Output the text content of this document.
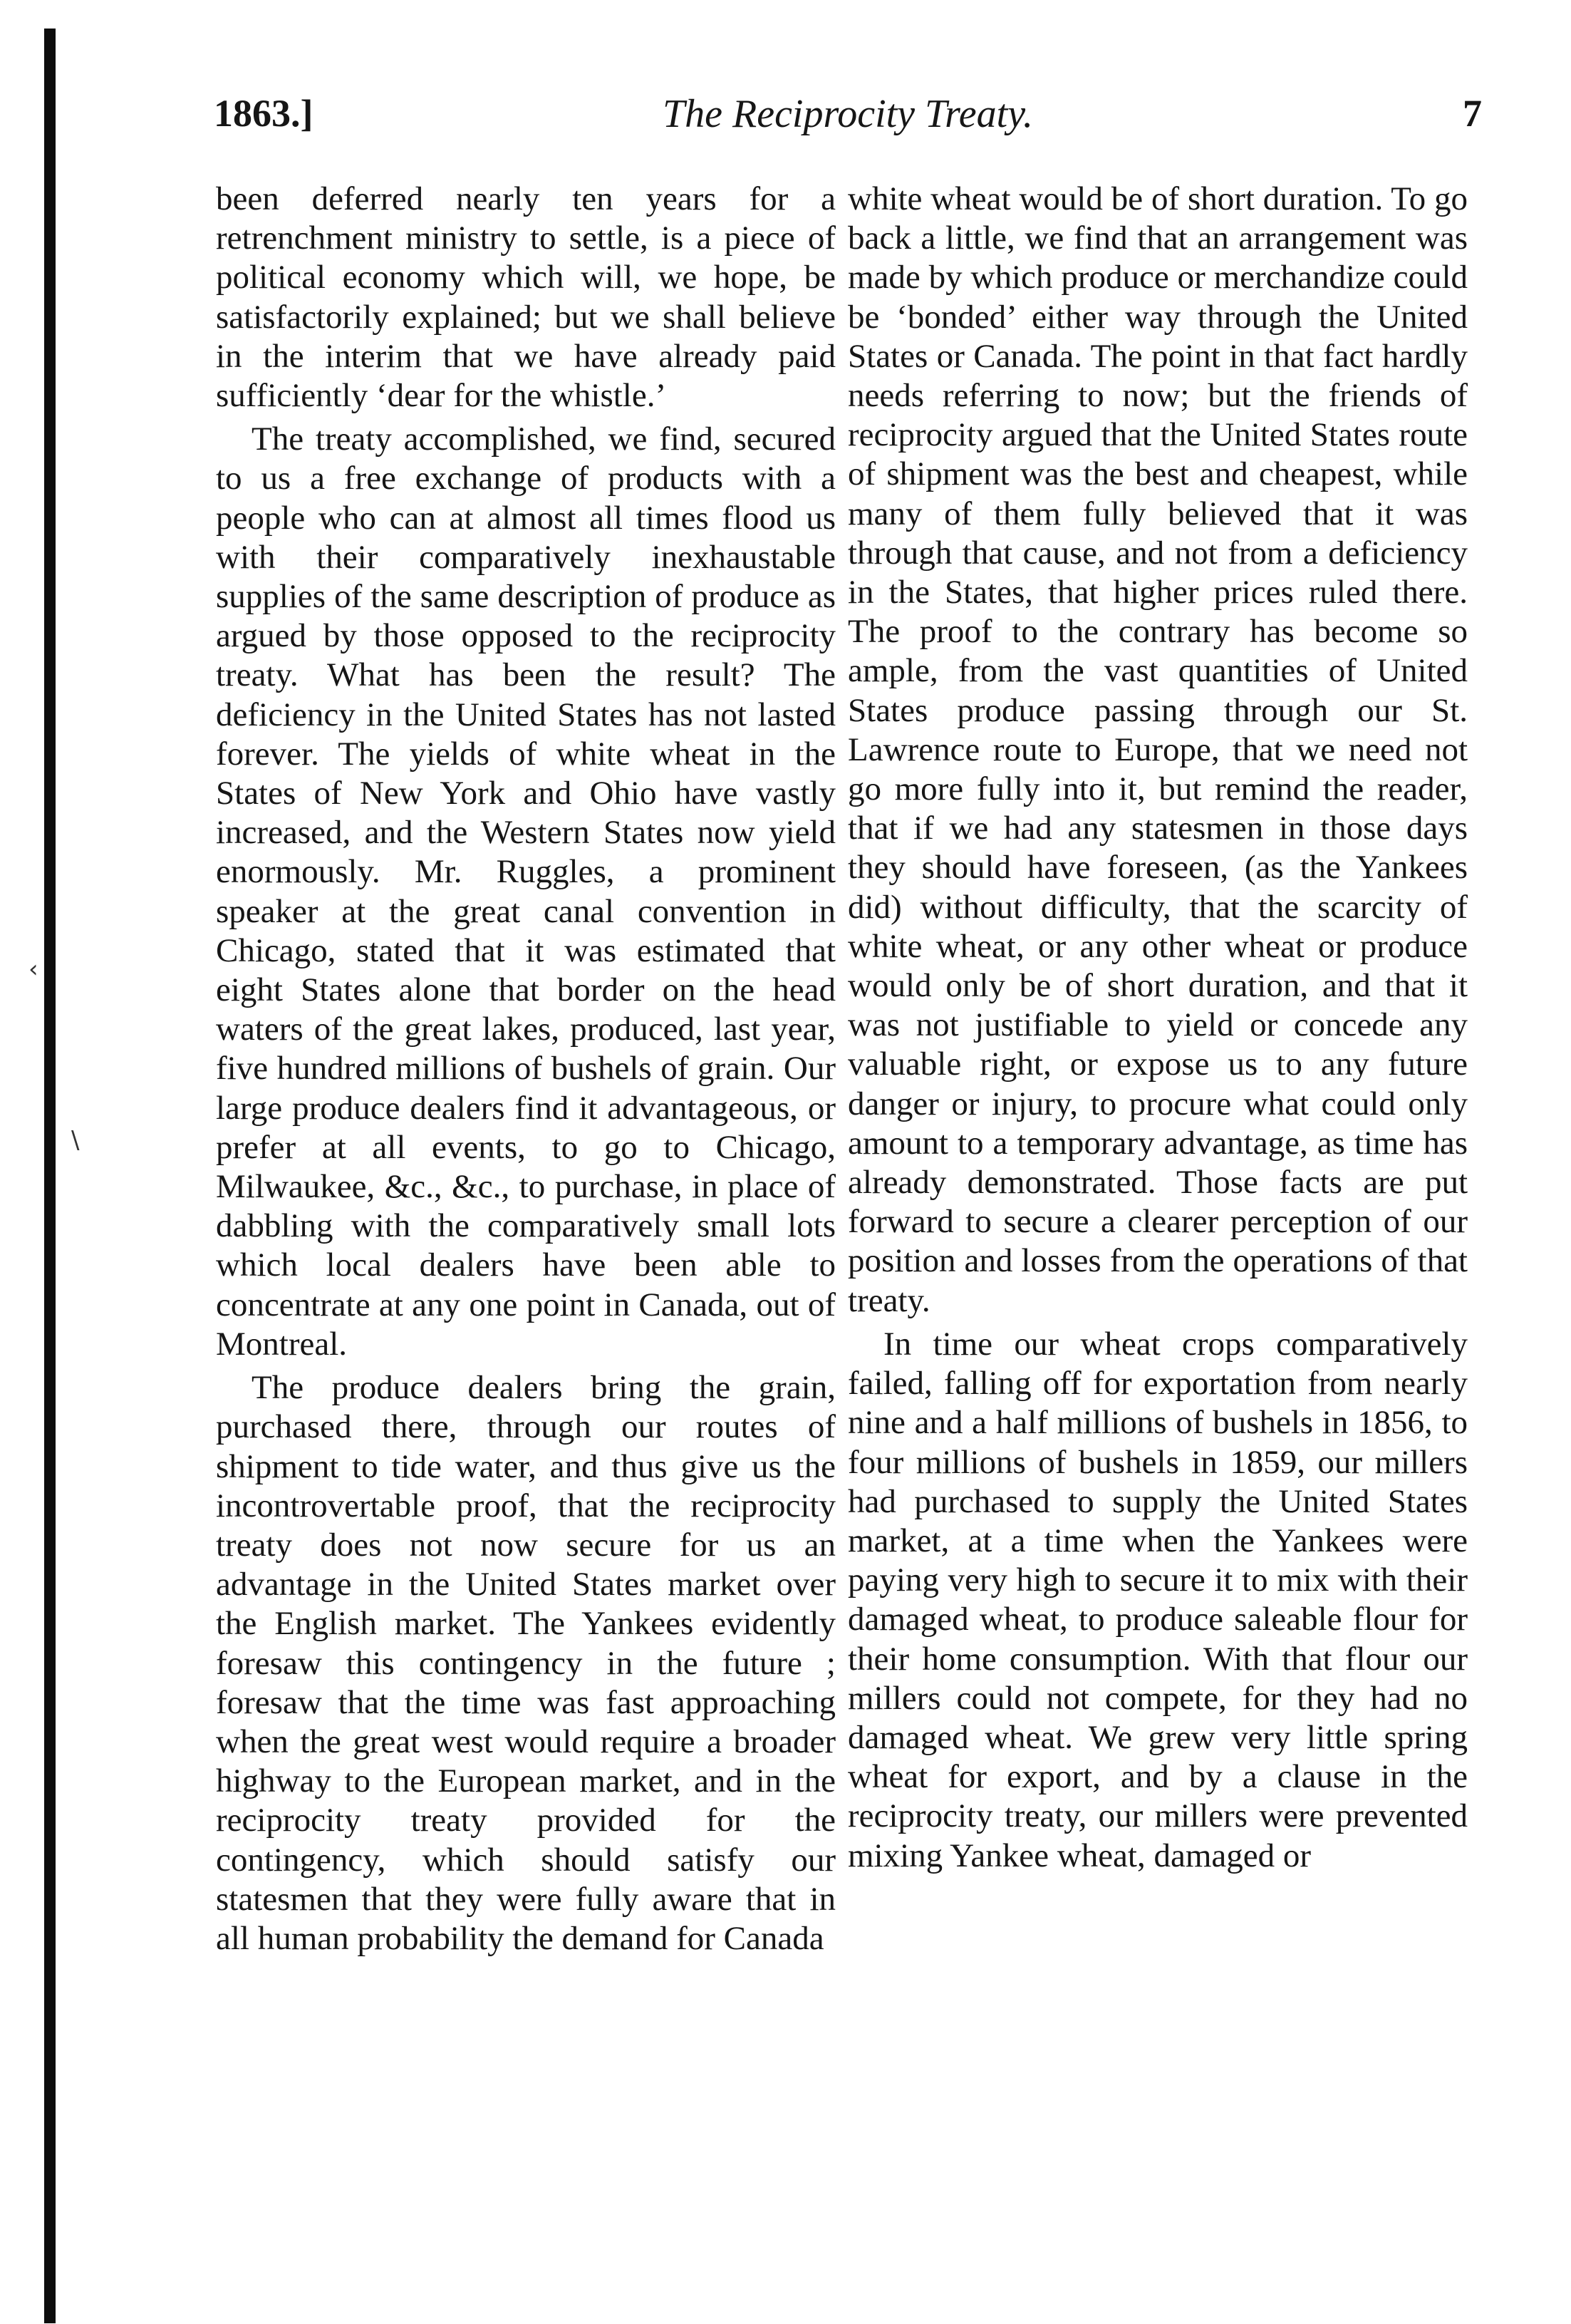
1863.]	The Reciprocity Treaty.	7

been deferred nearly ten years for a retrenchment ministry to settle, is a piece of political economy which will, we hope, be satisfactorily explained; but we shall believe in the interim that we have already paid sufficiently ‘dear for the whistle.’

The treaty accomplished, we find, secured to us a free exchange of products with a people who can at almost all times flood us with their comparatively inexhaustable supplies of the same description of produce as argued by those opposed to the reciprocity treaty. What has been the result? The deficiency in the United States has not lasted forever. The yields of white wheat in the States of New York and Ohio have vastly increased, and the Western States now yield enormously. Mr. Ruggles, a prominent speaker at the great canal convention in Chicago, stated that it was estimated that eight States alone that border on the head waters of the great lakes, produced, last year, five hundred millions of bushels of grain. Our large produce dealers find it advantageous, or prefer at all events, to go to Chicago, Milwaukee, &c., &c., to purchase, in place of dabbling with the comparatively small lots which local dealers have been able to concentrate at any one point in Canada, out of Montreal.

The produce dealers bring the grain, purchased there, through our routes of shipment to tide water, and thus give us the incontrovertable proof, that the reciprocity treaty does not now secure for us an advantage in the United States market over the English market. The Yankees evidently foresaw this contingency in the future ; foresaw that the time was fast approaching when the great west would require a broader highway to the European market, and in the reciprocity treaty provided for the contingency, which should satisfy our statesmen that they were fully aware that in all human probability the demand for Canada

white wheat would be of short duration. To go back a little, we find that an arrangement was made by which produce or merchandize could be ‘bonded’ either way through the United States or Canada. The point in that fact hardly needs referring to now; but the friends of reciprocity argued that the United States route of shipment was the best and cheapest, while many of them fully believed that it was through that cause, and not from a deficiency in the States, that higher prices ruled there. The proof to the contrary has become so ample, from the vast quantities of United States produce passing through our St. Lawrence route to Europe, that we need not go more fully into it, but remind the reader, that if we had any statesmen in those days they should have foreseen, (as the Yankees did) without difficulty, that the scarcity of white wheat, or any other wheat or produce would only be of short duration, and that it was not justifiable to yield or concede any valuable right, or expose us to any future danger or injury, to procure what could only amount to a temporary advantage, as time has already demonstrated. Those facts are put forward to secure a clearer perception of our position and losses from the operations of that treaty.

In time our wheat crops comparatively failed, falling off for exportation from nearly nine and a half millions of bushels in 1856, to four millions of bushels in 1859, our millers had purchased to supply the United States market, at a time when the Yankees were paying very high to secure it to mix with their damaged wheat, to produce saleable flour for their home consumption. With that flour our millers could not compete, for they had no damaged wheat. We grew very little spring wheat for export, and by a clause in the reciprocity treaty, our millers were prevented mixing Yankee wheat, damaged or

‹
\
